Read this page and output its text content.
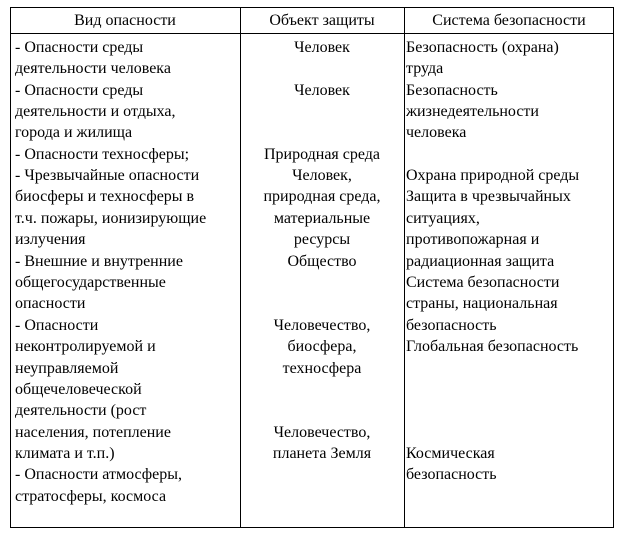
Вид опасности	Объект защиты	Система безопасности
- Опасности среды
деятельности человека
- Опасности среды
деятельности и отдыха,
города и жилища
- Опасности техносферы;
- Чрезвычайные опасности
биосферы и техносферы в
т.ч. пожары, ионизирующие
излучения
- Внешние и внутренние
общегосударственные
опасности
- Опасности
неконтролируемой и
неуправляемой
общечеловеческой
деятельности (рост
населения, потепление
климата и т.п.)
- Опасности атмосферы,
стратосферы, космоса
Человек
Человек
Природная среда
Человек,
природная среда,
материальные
ресурсы
Общество
Человечество,
биосфера,
техносфера
Человечество,
планета Земля
Безопасность (охрана)
труда
Безопасность
жизнедеятельности
человека
Охрана природной среды
Защита в чрезвычайных
ситуациях,
противопожарная и
радиационная защита
Система безопасности
страны, национальная
безопасность
Глобальная безопасность
Космическая
безопасность
